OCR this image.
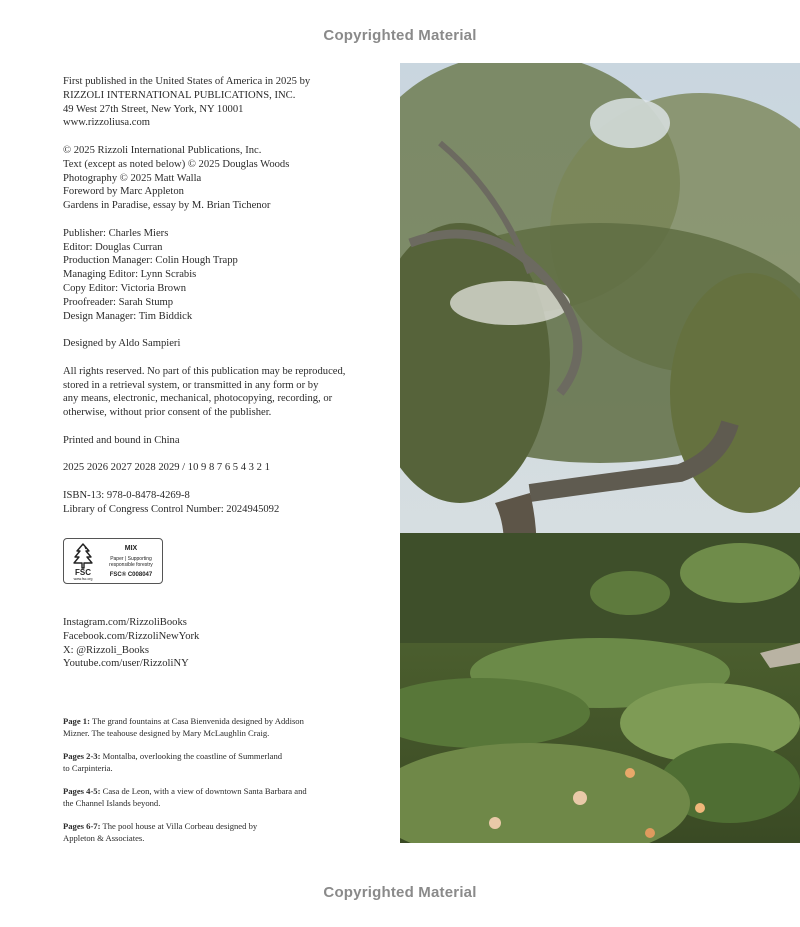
Copyrighted Material
First published in the United States of America in 2025 by
RIZZOLI INTERNATIONAL PUBLICATIONS, INC.
49 West 27th Street, New York, NY 10001
www.rizzoliusa.com
© 2025 Rizzoli International Publications, Inc.
Text (except as noted below) © 2025 Douglas Woods
Photography © 2025 Matt Walla
Foreword by Marc Appleton
Gardens in Paradise, essay by M. Brian Tichenor
Publisher: Charles Miers
Editor: Douglas Curran
Production Manager: Colin Hough Trapp
Managing Editor: Lynn Scrabis
Copy Editor: Victoria Brown
Proofreader: Sarah Stump
Design Manager: Tim Biddick
Designed by Aldo Sampieri
All rights reserved. No part of this publication may be reproduced,
stored in a retrieval system, or transmitted in any form or by
any means, electronic, mechanical, photocopying, recording, or
otherwise, without prior consent of the publisher.
Printed and bound in China
2025 2026 2027 2028 2029 / 10 9 8 7 6 5 4 3 2 1
ISBN-13: 978-0-8478-4269-8
Library of Congress Control Number: 2024945092
FSC
www.fsc.org
MIX
Paper | Supporting
responsible forestry
FSC® C008047
Instagram.com/RizzoliBooks
Facebook.com/RizzoliNewYork
X: @Rizzoli_Books
Youtube.com/user/RizzoliNY
Page 1: The grand fountains at Casa Bienvenida designed by Addison
Mizner. The teahouse designed by Mary McLaughlin Craig.
Pages 2-3: Montalba, overlooking the coastline of Summerland
to Carpinteria.
Pages 4-5: Casa de Leon, with a view of downtown Santa Barbara and
the Channel Islands beyond.
Pages 6-7: The pool house at Villa Corbeau designed by
Appleton & Associates.
Copyrighted Material
